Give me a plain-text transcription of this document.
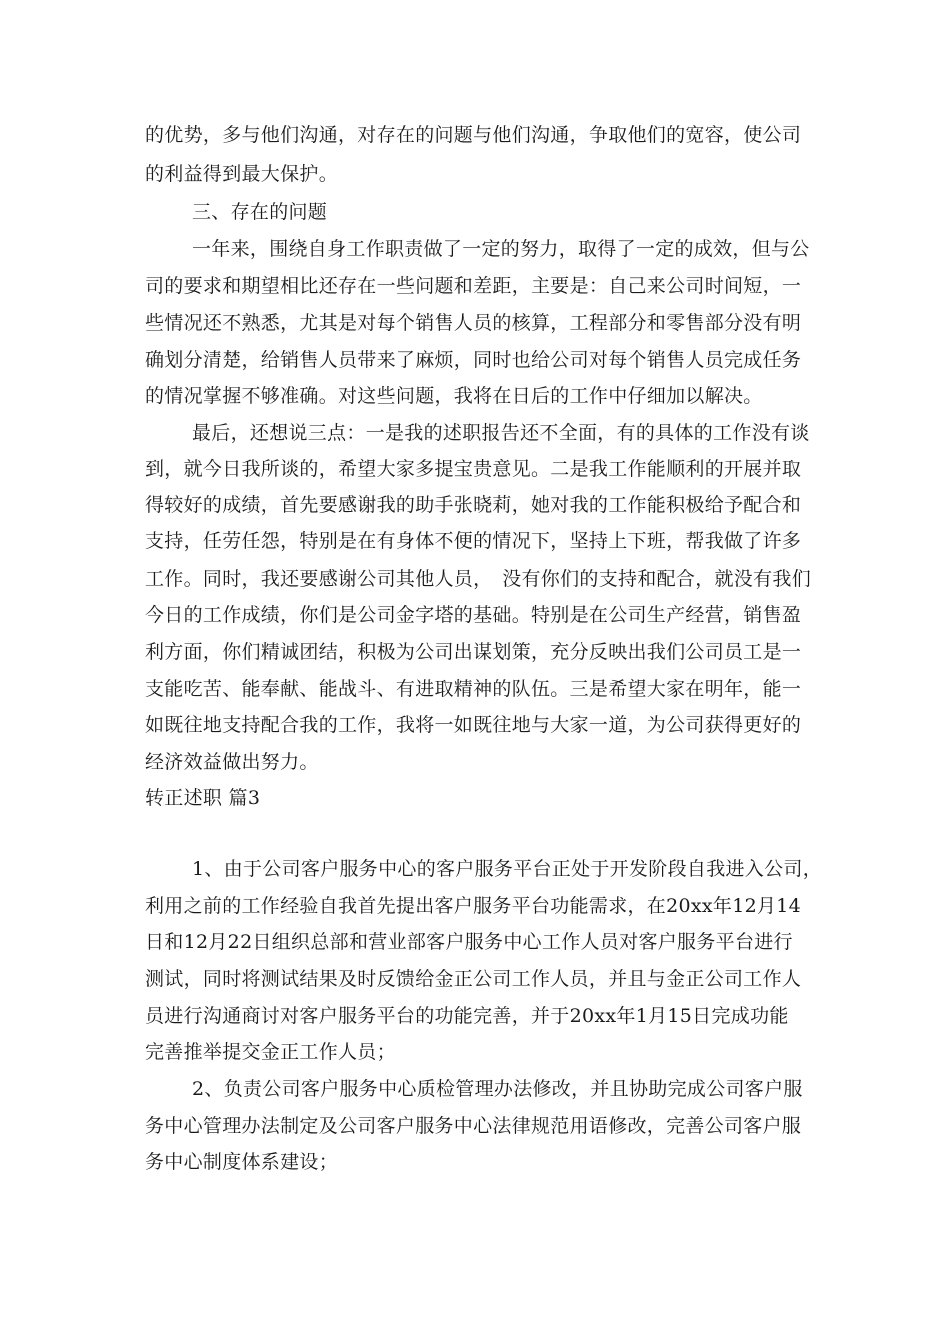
的优势，多与他们沟通，对存在的问题与他们沟通，争取他们的宽容，使公司
的利益得到最大保护。
三、存在的问题
一年来，围绕自身工作职责做了一定的努力，取得了一定的成效，但与公
司的要求和期望相比还存在一些问题和差距，主要是：自己来公司时间短，一
些情况还不熟悉，尤其是对每个销售人员的核算，工程部分和零售部分没有明
确划分清楚，给销售人员带来了麻烦，同时也给公司对每个销售人员完成任务
的情况掌握不够准确。对这些问题，我将在日后的工作中仔细加以解决。
最后，还想说三点：一是我的述职报告还不全面，有的具体的工作没有谈
到，就今日我所谈的，希望大家多提宝贵意见。二是我工作能顺利的开展并取
得较好的成绩，首先要感谢我的助手张晓莉，她对我的工作能积极给予配合和
支持，任劳任怨，特别是在有身体不便的情况下，坚持上下班，帮我做了许多
工作。同时，我还要感谢公司其他人员，　没有你们的支持和配合，就没有我们
今日的工作成绩，你们是公司金字塔的基础。特别是在公司生产经营，销售盈
利方面，你们精诚团结，积极为公司出谋划策，充分反映出我们公司员工是一
支能吃苦、能奉献、能战斗、有进取精神的队伍。三是希望大家在明年，能一
如既往地支持配合我的工作，我将一如既往地与大家一道，为公司获得更好的
经济效益做出努力。
转正述职 篇3
1、由于公司客户服务中心的客户服务平台正处于开发阶段自我进入公司，
利用之前的工作经验自我首先提出客户服务平台功能需求，在20xx年12月14
日和12月22日组织总部和营业部客户服务中心工作人员对客户服务平台进行
测试，同时将测试结果及时反馈给金正公司工作人员，并且与金正公司工作人
员进行沟通商讨对客户服务平台的功能完善，并于20xx年1月15日完成功能
完善推举提交金正工作人员；
2、负责公司客户服务中心质检管理办法修改，并且协助完成公司客户服
务中心管理办法制定及公司客户服务中心法律规范用语修改，完善公司客户服
务中心制度体系建设；
